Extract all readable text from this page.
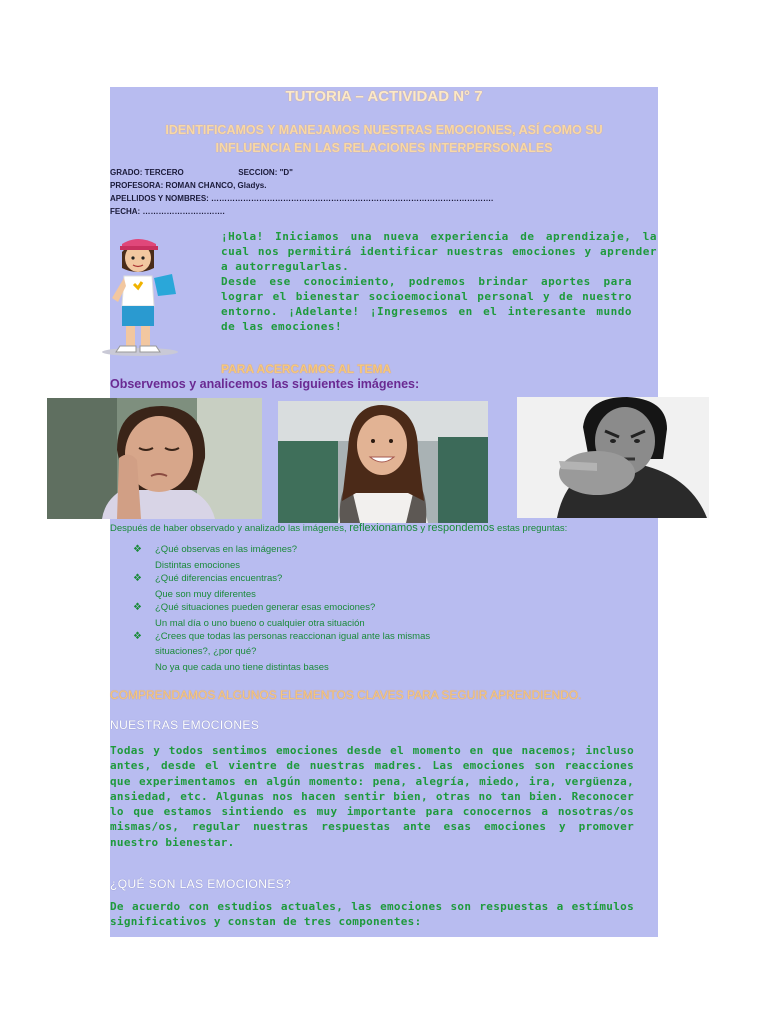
TUTORIA – ACTIVIDAD N° 7
IDENTIFICAMOS Y MANEJAMOS NUESTRAS EMOCIONES, ASÍ COMO SU INFLUENCIA EN LAS RELACIONES INTERPERSONALES
GRADO: TERCERO	SECCION: "D"
PROFESORA: ROMAN CHANCO, Gladys.
APELLIDOS Y NOMBRES: …………………………………………………………………………………………….
FECHA: ………………………….
¡Hola! Iniciamos una nueva experiencia de aprendizaje, la cual nos permitirá identificar nuestras emociones y aprender a autorregularlas.
Desde ese conocimiento, podremos brindar aportes para lograr el bienestar socioemocional personal y de nuestro entorno. ¡Adelante! ¡Ingresemos en el interesante mundo de las emociones!
PARA ACERCAMOS AL TEMA
Observemos y analicemos las siguientes imágenes:
Después de haber observado y analizado las imágenes, reflexionamos y respondemos estas preguntas:
❖ ¿Qué observas en las imágenes?
Distintas emociones
❖ ¿Qué diferencias encuentras?
Que son muy diferentes
❖ ¿Qué situaciones pueden generar esas emociones?
Un mal día o uno bueno o cualquier otra situación
❖ ¿Crees que todas las personas reaccionan igual ante las mismas
situaciones?, ¿por qué?
No ya que cada uno tiene distintas bases
COMPRENDAMOS ALGUNOS ELEMENTOS CLAVES PARA SEGUIR APRENDIENDO.
NUESTRAS EMOCIONES
Todas y todos sentimos emociones desde el momento en que nacemos; incluso antes, desde el vientre de nuestras madres. Las emociones son reacciones que experimentamos en algún momento: pena, alegría, miedo, ira, vergüenza, ansiedad, etc. Algunas nos hacen sentir bien, otras no tan bien. Reconocer lo que estamos sintiendo es muy importante para conocernos a nosotras/os mismas/os, regular nuestras respuestas ante esas emociones y promover nuestro bienestar.
¿QUÉ SON LAS EMOCIONES?
De acuerdo con estudios actuales, las emociones son respuestas a estímulos significativos y constan de tres componentes:
